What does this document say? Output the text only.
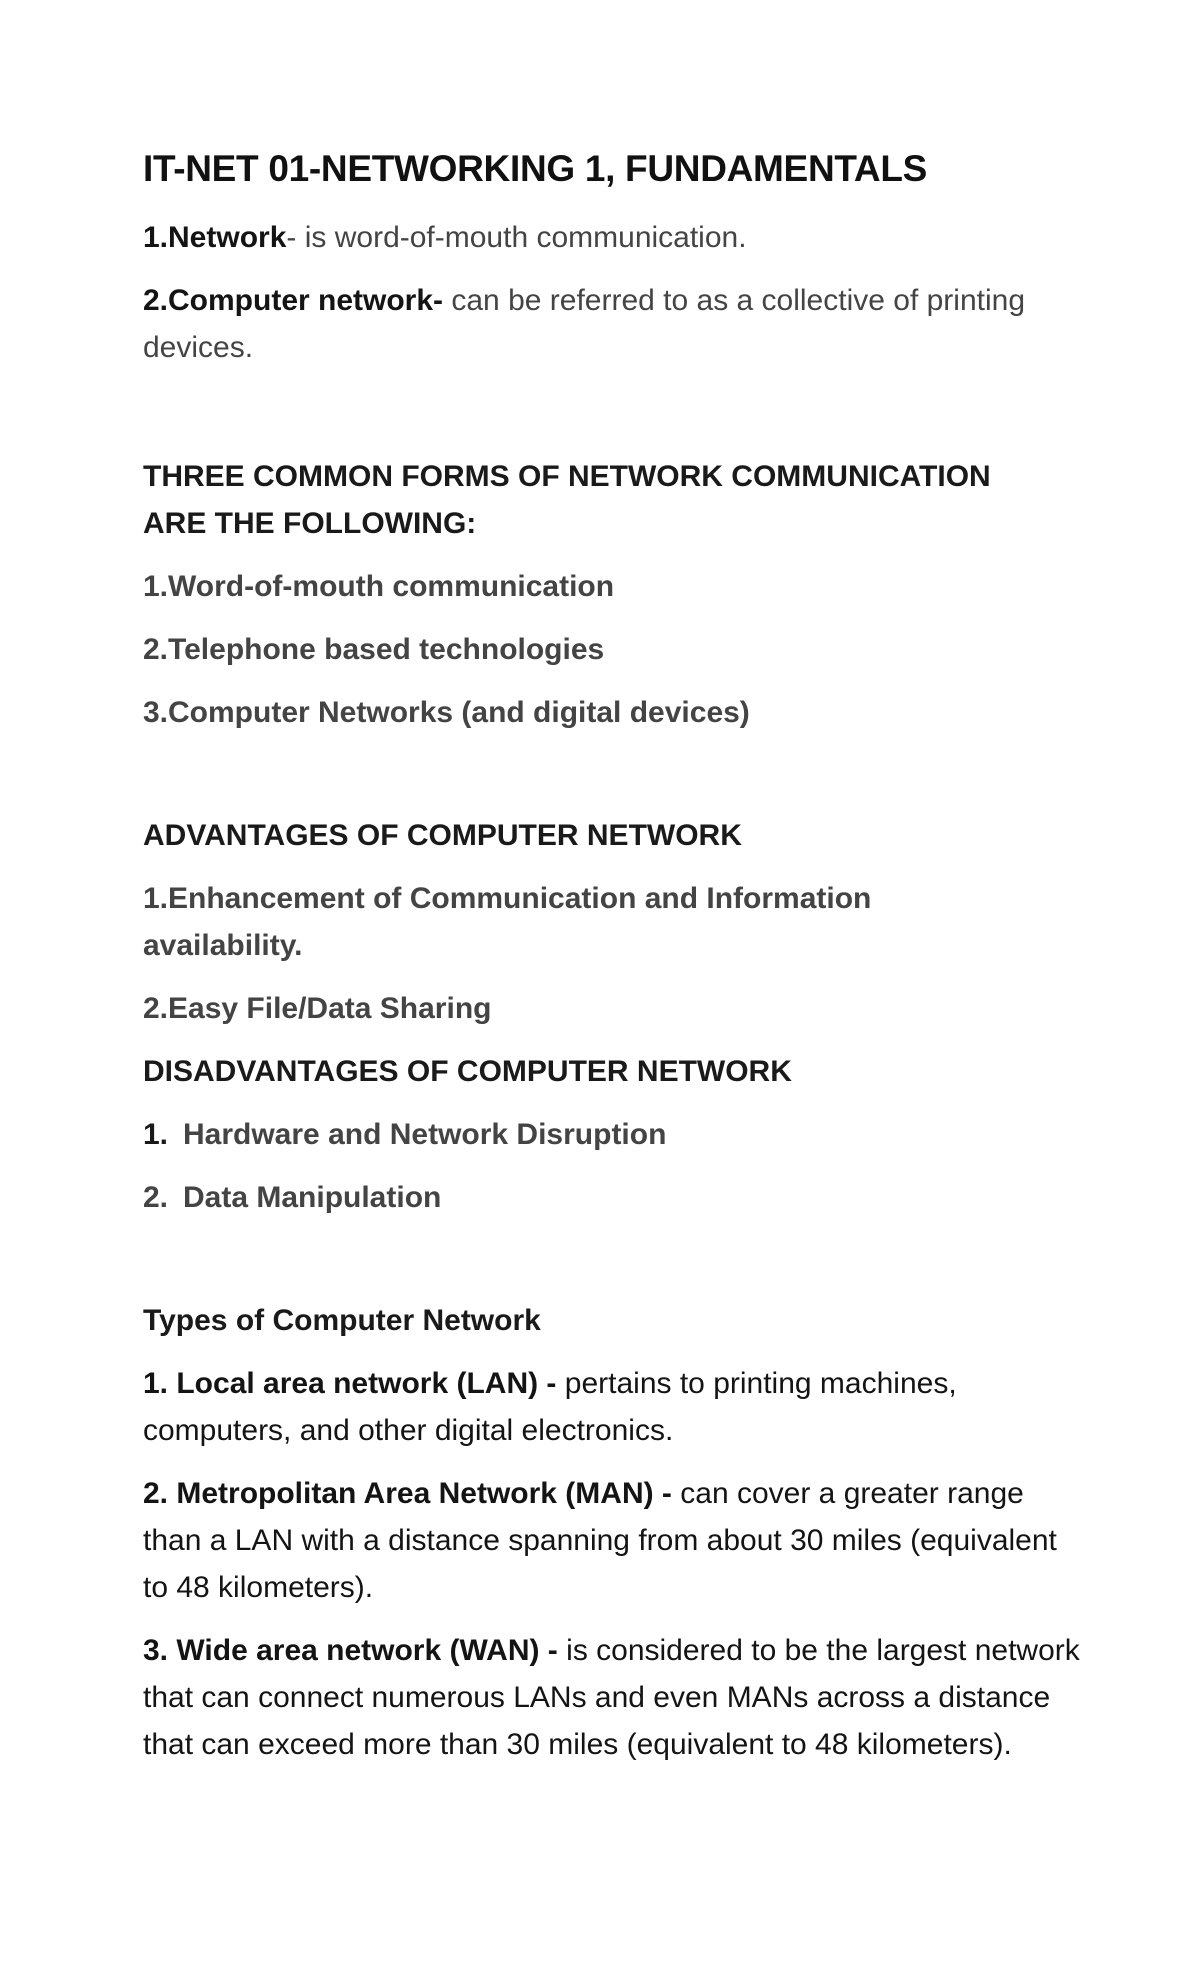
IT-NET 01-NETWORKING 1, FUNDAMENTALS

1.Network- is word-of-mouth communication.

2.Computer network- can be referred to as a collective of printing devices.

THREE COMMON FORMS OF NETWORK COMMUNICATION ARE THE FOLLOWING:

1.Word-of-mouth communication

2.Telephone based technologies

3.Computer Networks (and digital devices)

ADVANTAGES OF COMPUTER NETWORK

1.Enhancement of Communication and Information availability.

2.Easy File/Data Sharing

DISADVANTAGES OF COMPUTER NETWORK

1. Hardware and Network Disruption
2. Data Manipulation

Types of Computer Network

1. Local area network (LAN) - pertains to printing machines, computers, and other digital electronics.

2. Metropolitan Area Network (MAN) - can cover a greater range than a LAN with a distance spanning from about 30 miles (equivalent to 48 kilometers).

3. Wide area network (WAN) - is considered to be the largest network that can connect numerous LANs and even MANs across a distance that can exceed more than 30 miles (equivalent to 48 kilometers).
